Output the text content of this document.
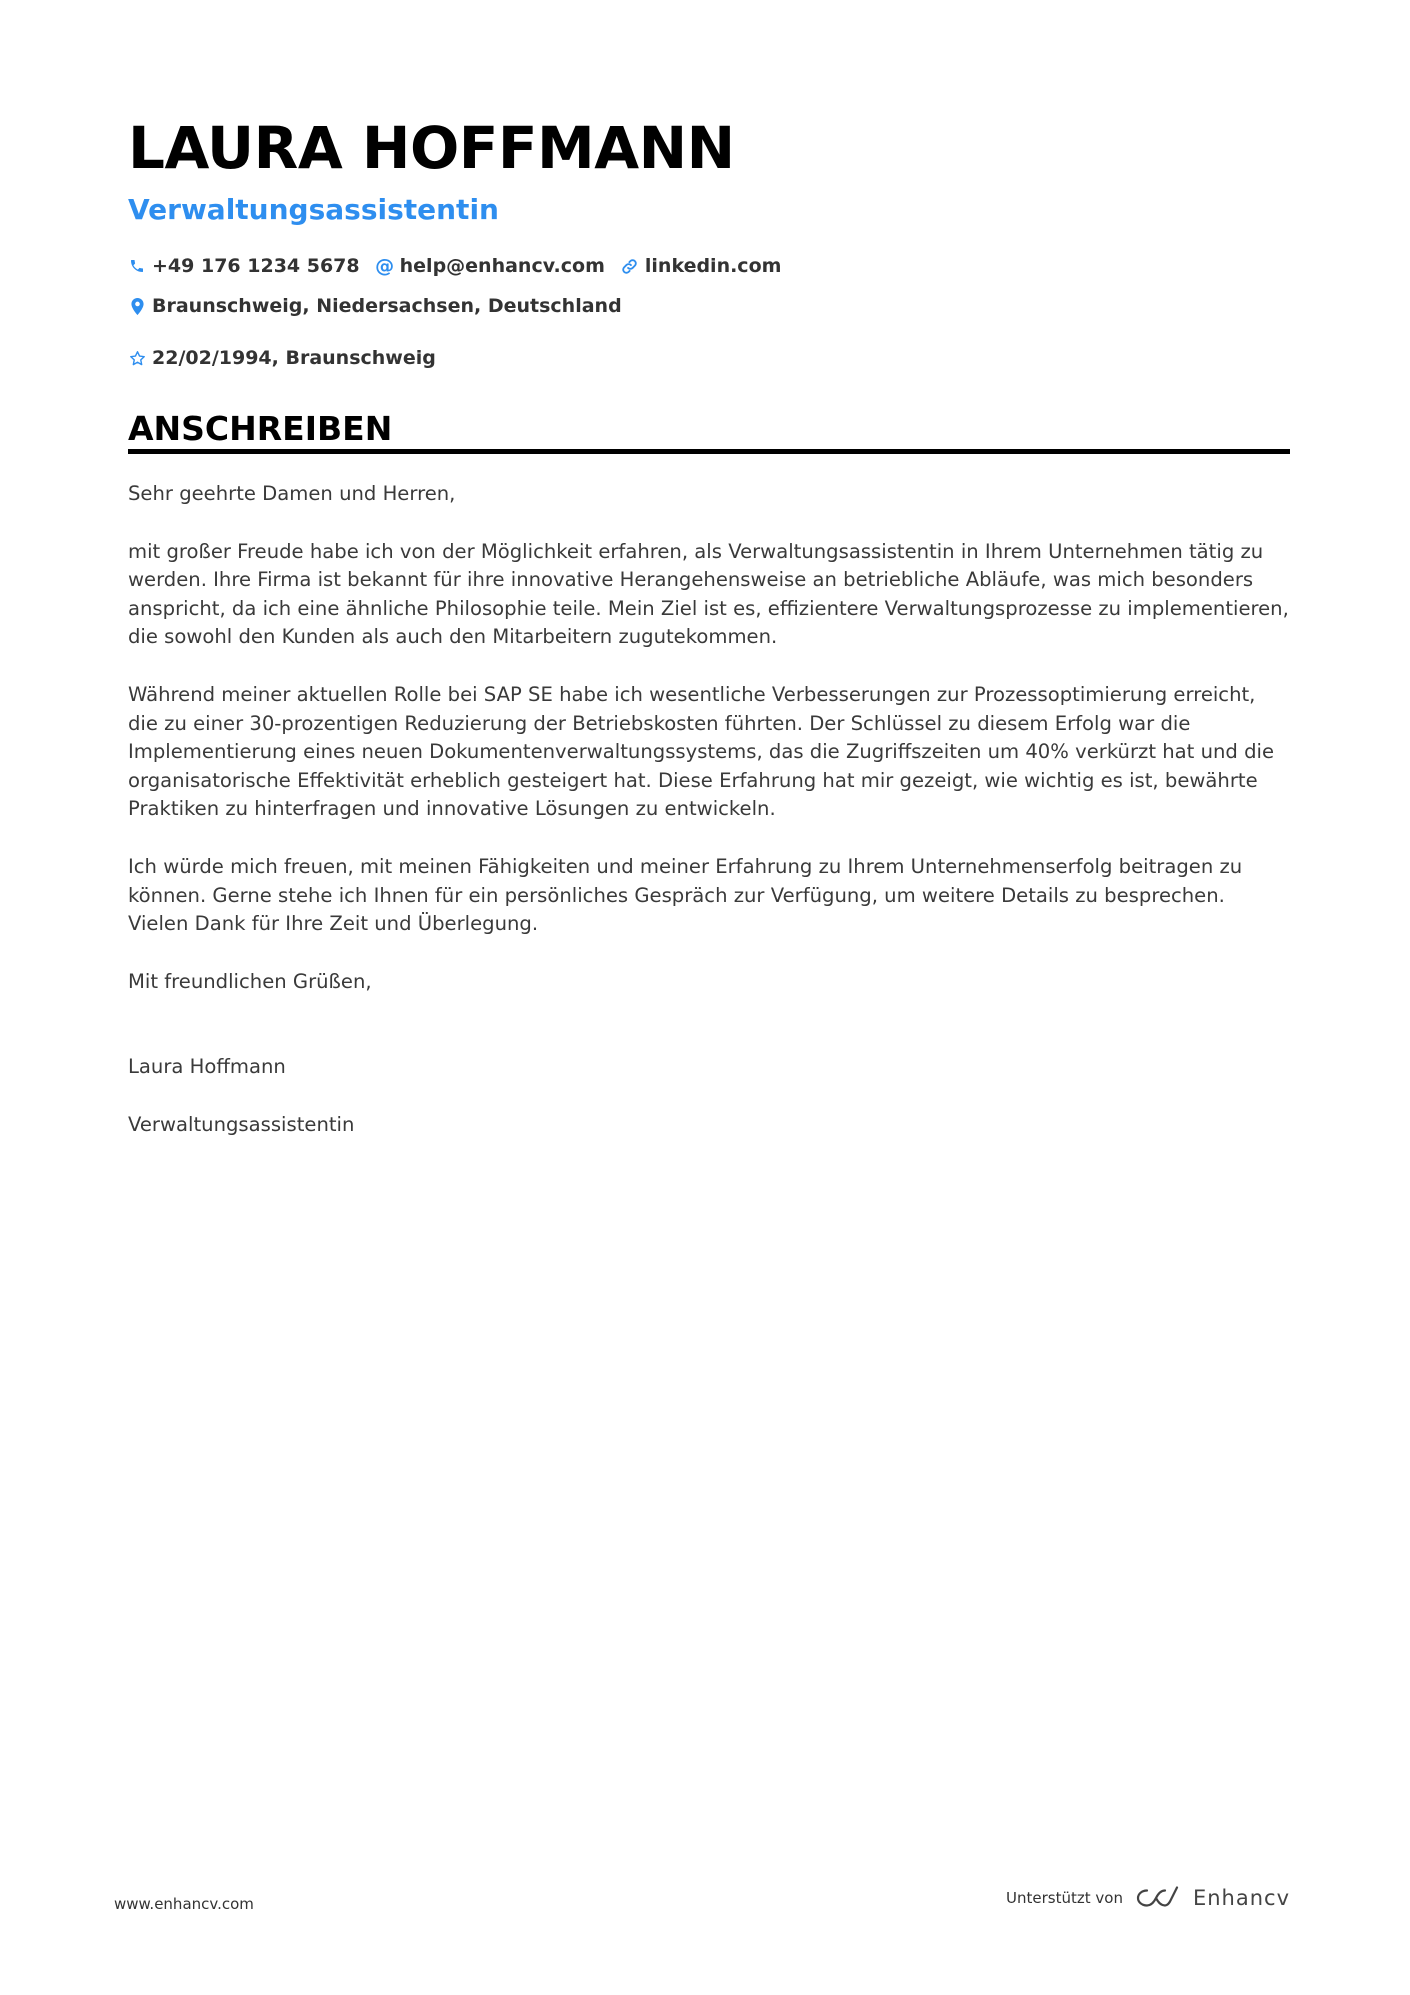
LAURA HOFFMANN
Verwaltungsassistentin
+49 176 1234 5678 @ help@enhancv.com linkedin.com
Braunschweig, Niedersachsen, Deutschland
22/02/1994, Braunschweig
ANSCHREIBEN

Sehr geehrte Damen und Herren,

mit großer Freude habe ich von der Möglichkeit erfahren, als Verwaltungsassistentin in Ihrem Unternehmen tätig zu werden. Ihre Firma ist bekannt für ihre innovative Herangehensweise an betriebliche Abläufe, was mich besonders anspricht, da ich eine ähnliche Philosophie teile. Mein Ziel ist es, effizientere Verwaltungsprozesse zu implementieren, die sowohl den Kunden als auch den Mitarbeitern zugutekommen.

Während meiner aktuellen Rolle bei SAP SE habe ich wesentliche Verbesserungen zur Prozessoptimierung erreicht, die zu einer 30-prozentigen Reduzierung der Betriebskosten führten. Der Schlüssel zu diesem Erfolg war die Implementierung eines neuen Dokumentenverwaltungssystems, das die Zugriffszeiten um 40% verkürzt hat und die organisatorische Effektivität erheblich gesteigert hat. Diese Erfahrung hat mir gezeigt, wie wichtig es ist, bewährte Praktiken zu hinterfragen und innovative Lösungen zu entwickeln.

Ich würde mich freuen, mit meinen Fähigkeiten und meiner Erfahrung zu Ihrem Unternehmenserfolg beitragen zu können. Gerne stehe ich Ihnen für ein persönliches Gespräch zur Verfügung, um weitere Details zu besprechen. Vielen Dank für Ihre Zeit und Überlegung.

Mit freundlichen Grüßen,

Laura Hoffmann

Verwaltungsassistentin

www.enhancv.com	Unterstützt von	Enhancv
